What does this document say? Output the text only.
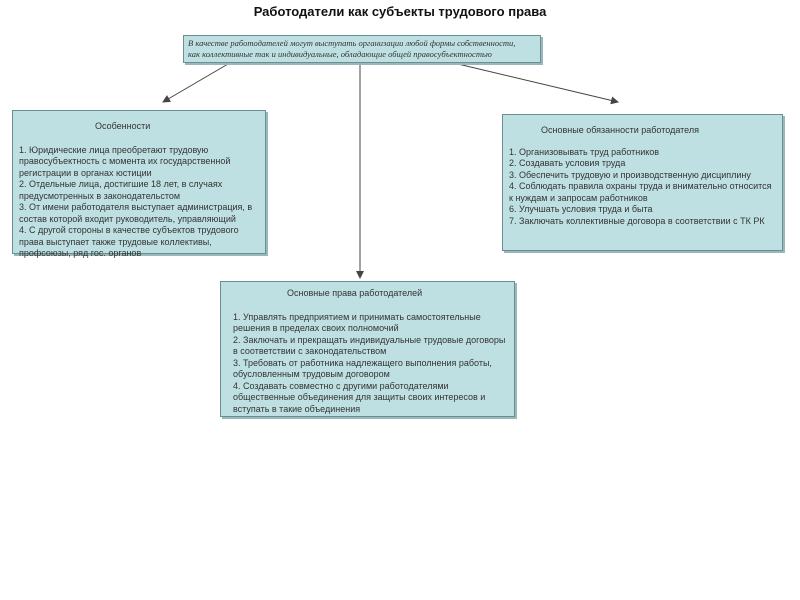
Работодатели как субъекты трудового права
В качестве работодателей могут выступать организации любой формы собственности,
как коллективные так и индивидуальные, обладающие общей правосубъектностью
Особенности
1. Юридические лица преобретают трудовую правосубъектность с момента их государственной регистрации в органах юстиции
2. Отдельные лица, достигшие 18 лет, в случаях предусмотренных в законодательстом
3. От имени работодателя выступает администрация, в состав которой входит руководитель, управляющий
4. С другой стороны в качестве субъектов трудового права выступает также трудовые коллективы, профсоюзы, ряд гос. органов
Основные обязанности работодателя
1. Организовывать труд работников
2. Создавать условия труда
3. Обеспечить трудовую и производственную дисциплину
4. Соблюдать правила охраны труда и внимательно относится к нуждам и запросам работников
6. Улучшать условия труда и быта
7. Заключать коллективные договора в соответствии с ТК РК
Основные права работодателей
1. Управлять предприятием и принимать самостоятельные решения в пределах своих полномочий
2. Заключать и прекращать индивидуальные трудовые договоры в соответствии с законодательством
3. Требовать от работника надлежащего выполнения работы, обусловленным трудовым договором
4. Создавать совместно с другими работодателями общественные объединения для защиты своих интересов и вступать в такие объединения
